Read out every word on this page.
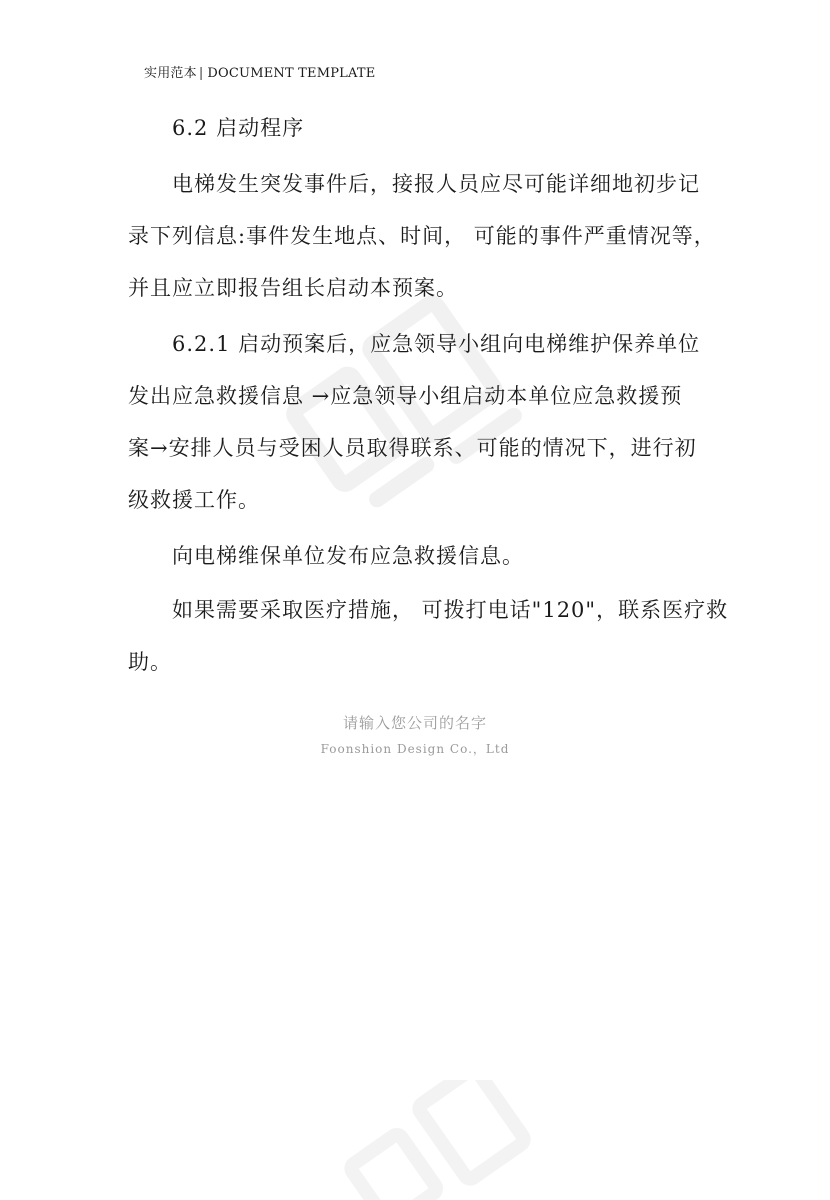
实用范本 | DOCUMENT TEMPLATE
6.2 启动程序
电梯发生突发事件后，接报人员应尽可能详细地初步记
录下列信息:事件发生地点、时间， 可能的事件严重情况等，
并且应立即报告组长启动本预案。
6.2.1 启动预案后，应急领导小组向电梯维护保养单位
发出应急救援信息 →应急领导小组启动本单位应急救援预
案→安排人员与受困人员取得联系、可能的情况下，进行初
级救援工作。
向电梯维保单位发布应急救援信息。
如果需要采取医疗措施， 可拨打电话"120"，联系医疗救
助。
请输入您公司的名字
Foonshion Design Co.，Ltd
